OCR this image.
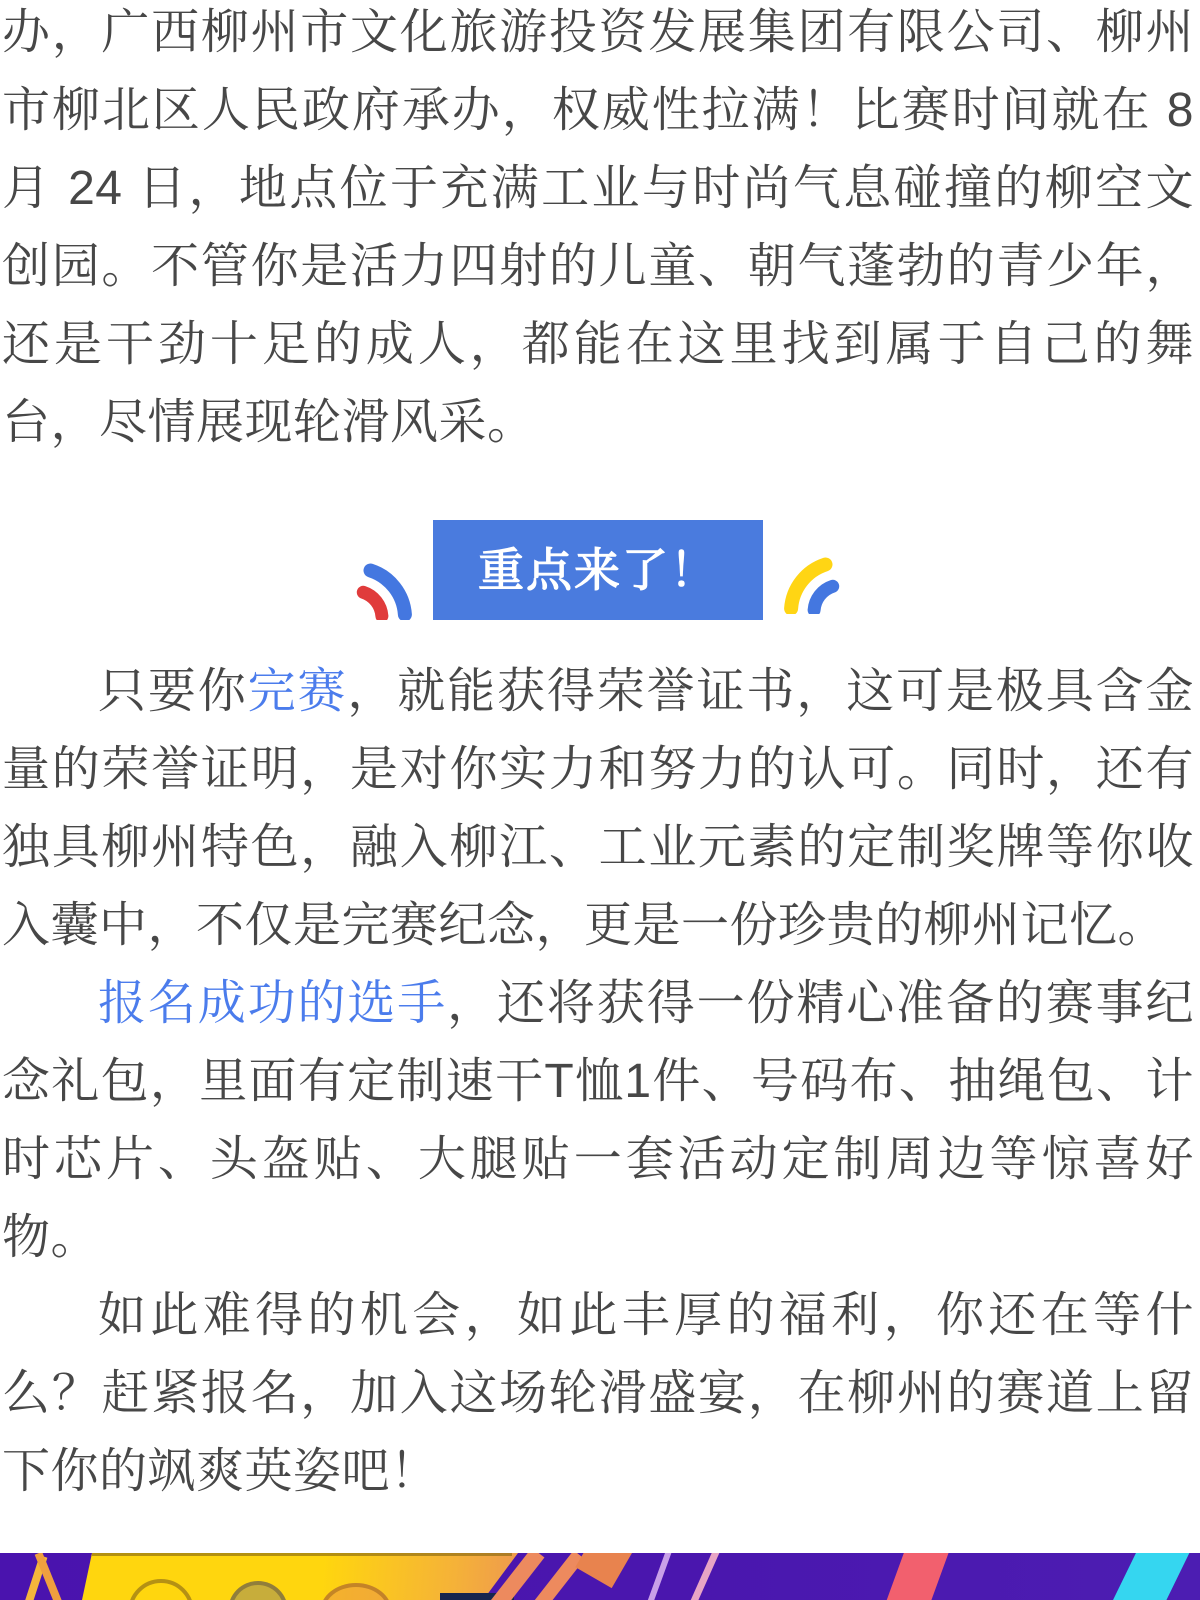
办，广西柳州市文化旅游投资发展集团有限公司、柳州市柳北区人民政府承办，权威性拉满！比赛时间就在 8 月 24 日，地点位于充满工业与时尚气息碰撞的柳空文创园。不管你是活力四射的儿童、朝气蓬勃的青少年，还是干劲十足的成人，都能在这里找到属于自己的舞台，尽情展现轮滑风采。

重点来了！

只要你完赛，就能获得荣誉证书，这可是极具含金量的荣誉证明，是对你实力和努力的认可。同时，还有独具柳州特色，融入柳江、工业元素的定制奖牌等你收入囊中，不仅是完赛纪念，更是一份珍贵的柳州记忆。

报名成功的选手，还将获得一份精心准备的赛事纪念礼包，里面有定制速干T恤1件、号码布、抽绳包、计时芯片、头盔贴、大腿贴一套活动定制周边等惊喜好物。

如此难得的机会，如此丰厚的福利，你还在等什么？赶紧报名，加入这场轮滑盛宴，在柳州的赛道上留下你的飒爽英姿吧！
